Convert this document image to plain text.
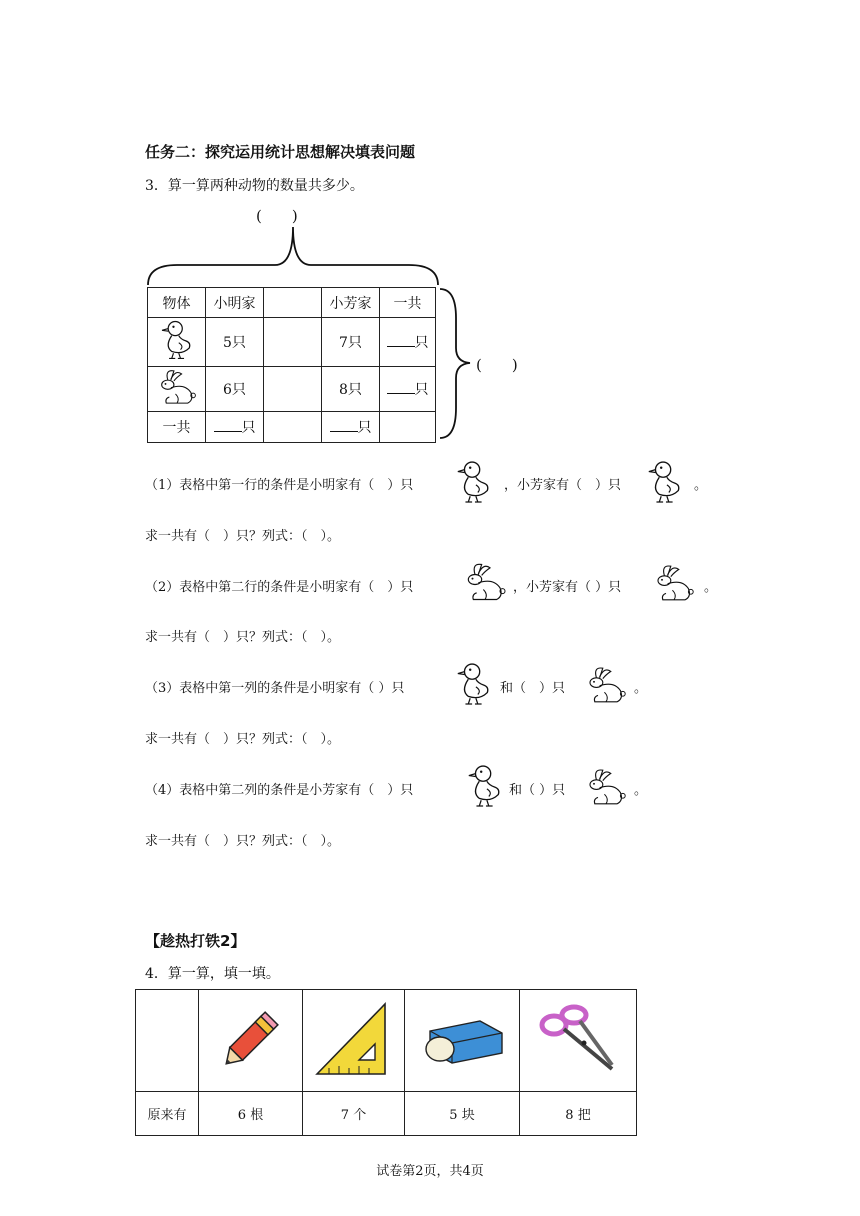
任务二：探究运用统计思想解决填表问题
3．算一算两种动物的数量共多少。
(　　)
(　　)
物体	小明家		小芳家	一共
	5只		7只	只
	6只		8只	只
一共	只		只	
（1）表格中第一行的条件是小明家有（　）只	，小芳家有（　）只	。
求一共有（　）只？列式：（　）。
（2）表格中第二行的条件是小明家有（　）只	，小芳家有（ ）只	。
求一共有（　）只？列式：（　）。
（3）表格中第一列的条件是小明家有（ ）只	和（　）只	。
求一共有（　）只？列式：（　）。
（4）表格中第二列的条件是小芳家有（　）只	和（ ）只	。
求一共有（　）只？列式：（　）。
【趁热打铁2】
4．算一算，填一填。

原来有	6 根	7 个	5 块	8 把
试卷第2页，共4页
